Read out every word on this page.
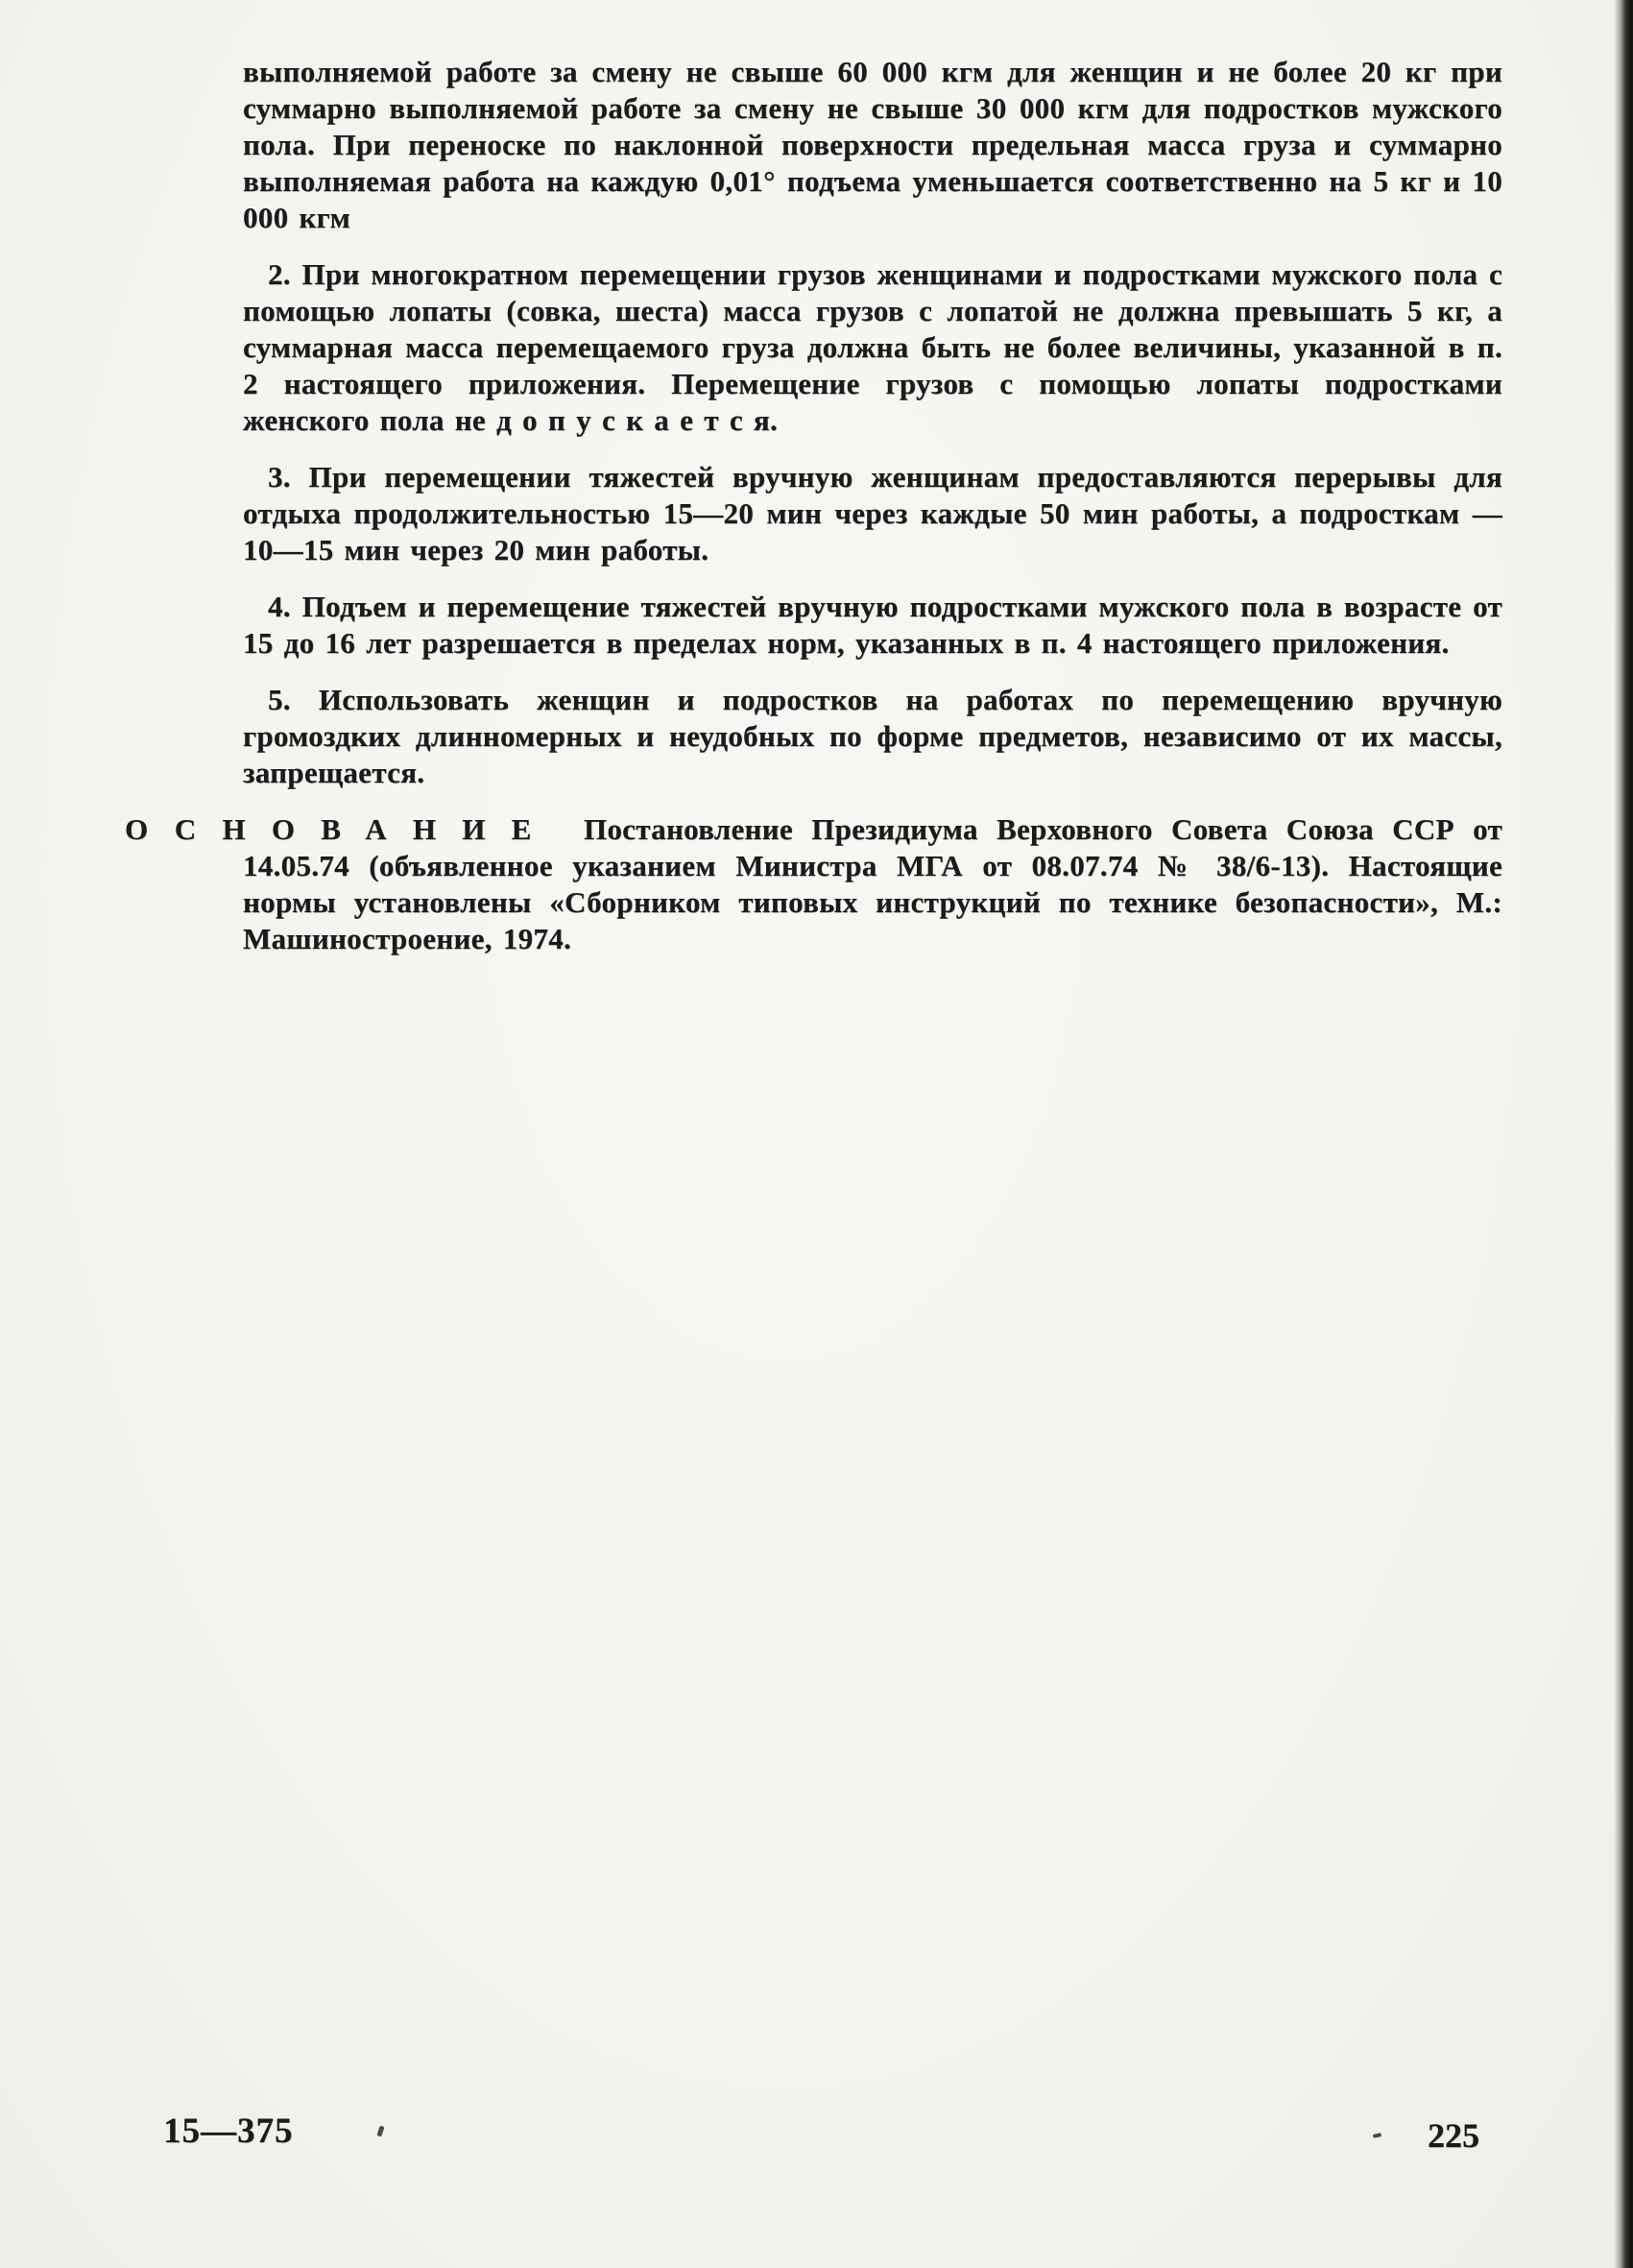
выполняемой работе за смену не свыше 60 000 кгм для женщин и не более 20 кг при суммарно выполняемой работе за смену не свыше 30 000 кгм для подростков мужского пола. При переноске по наклонной поверхности предельная масса груза и суммарно выполняемая работа на каждую 0,01° подъема уменьшается соответственно на 5 кг и 10 000 кгм

2. При многократном перемещении грузов женщинами и подростками мужского пола с помощью лопаты (совка, шеста) масса грузов с лопатой не должна превышать 5 кг, а суммарная масса перемещаемого груза должна быть не более величины, указанной в п. 2 настоящего приложения. Перемещение грузов с помощью лопаты подростками женского пола не д о п у с к а е т с я.

3. При перемещении тяжестей вручную женщинам предоставляются перерывы для отдыха продолжительностью 15—20 мин через каждые 50 мин работы, а подросткам — 10—15 мин через 20 мин работы.

4. Подъем и перемещение тяжестей вручную подростками мужского пола в возрасте от 15 до 16 лет разрешается в пределах норм, указанных в п. 4 настоящего приложения.

5. Использовать женщин и подростков на работах по перемещению вручную громоздких длинномерных и неудобных по форме предметов, независимо от их массы, запрещается.

ОСНОВАНИЕ Постановление Президиума Верховного Совета Союза ССР от 14.05.74 (объявленное указанием Министра МГА от 08.07.74 № 38/6-13). Настоящие нормы установлены «Сборником типовых инструкций по технике безопасности», М.: Машиностроение, 1974.

15—375	225
